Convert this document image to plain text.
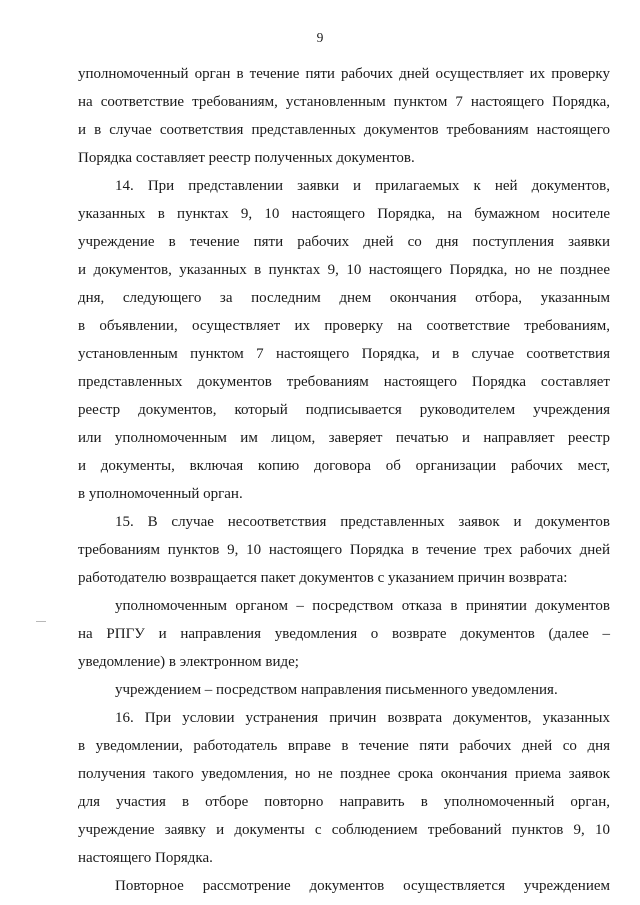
9
уполномоченный орган в течение пяти рабочих дней осуществляет их проверку
на соответствие требованиям, установленным пунктом 7 настоящего Порядка,
и в случае соответствия представленных документов требованиям настоящего
Порядка составляет реестр полученных документов.
14. При представлении заявки и прилагаемых к ней документов,
указанных в пунктах 9, 10 настоящего Порядка, на бумажном носителе
учреждение в течение пяти рабочих дней со дня поступления заявки
и документов, указанных в пунктах 9, 10 настоящего Порядка, но не позднее
дня, следующего за последним днем окончания отбора, указанным
в объявлении, осуществляет их проверку на соответствие требованиям,
установленным пунктом 7 настоящего Порядка, и в случае соответствия
представленных документов требованиям настоящего Порядка составляет
реестр документов, который подписывается руководителем учреждения
или уполномоченным им лицом, заверяет печатью и направляет реестр
и документы, включая копию договора об организации рабочих мест,
в уполномоченный орган.
15. В случае несоответствия представленных заявок и документов
требованиям пунктов 9, 10 настоящего Порядка в течение трех рабочих дней
работодателю возвращается пакет документов с указанием причин возврата:
уполномоченным органом – посредством отказа в принятии документов
на РПГУ и направления уведомления о возврате документов (далее –
уведомление) в электронном виде;
учреждением – посредством направления письменного уведомления.
16. При условии устранения причин возврата документов, указанных
в уведомлении, работодатель вправе в течение пяти рабочих дней со дня
получения такого уведомления, но не позднее срока окончания приема заявок
для участия в отборе повторно направить в уполномоченный орган,
учреждение заявку и документы с соблюдением требований пунктов 9, 10
настоящего Порядка.
Повторное рассмотрение документов осуществляется учреждением
